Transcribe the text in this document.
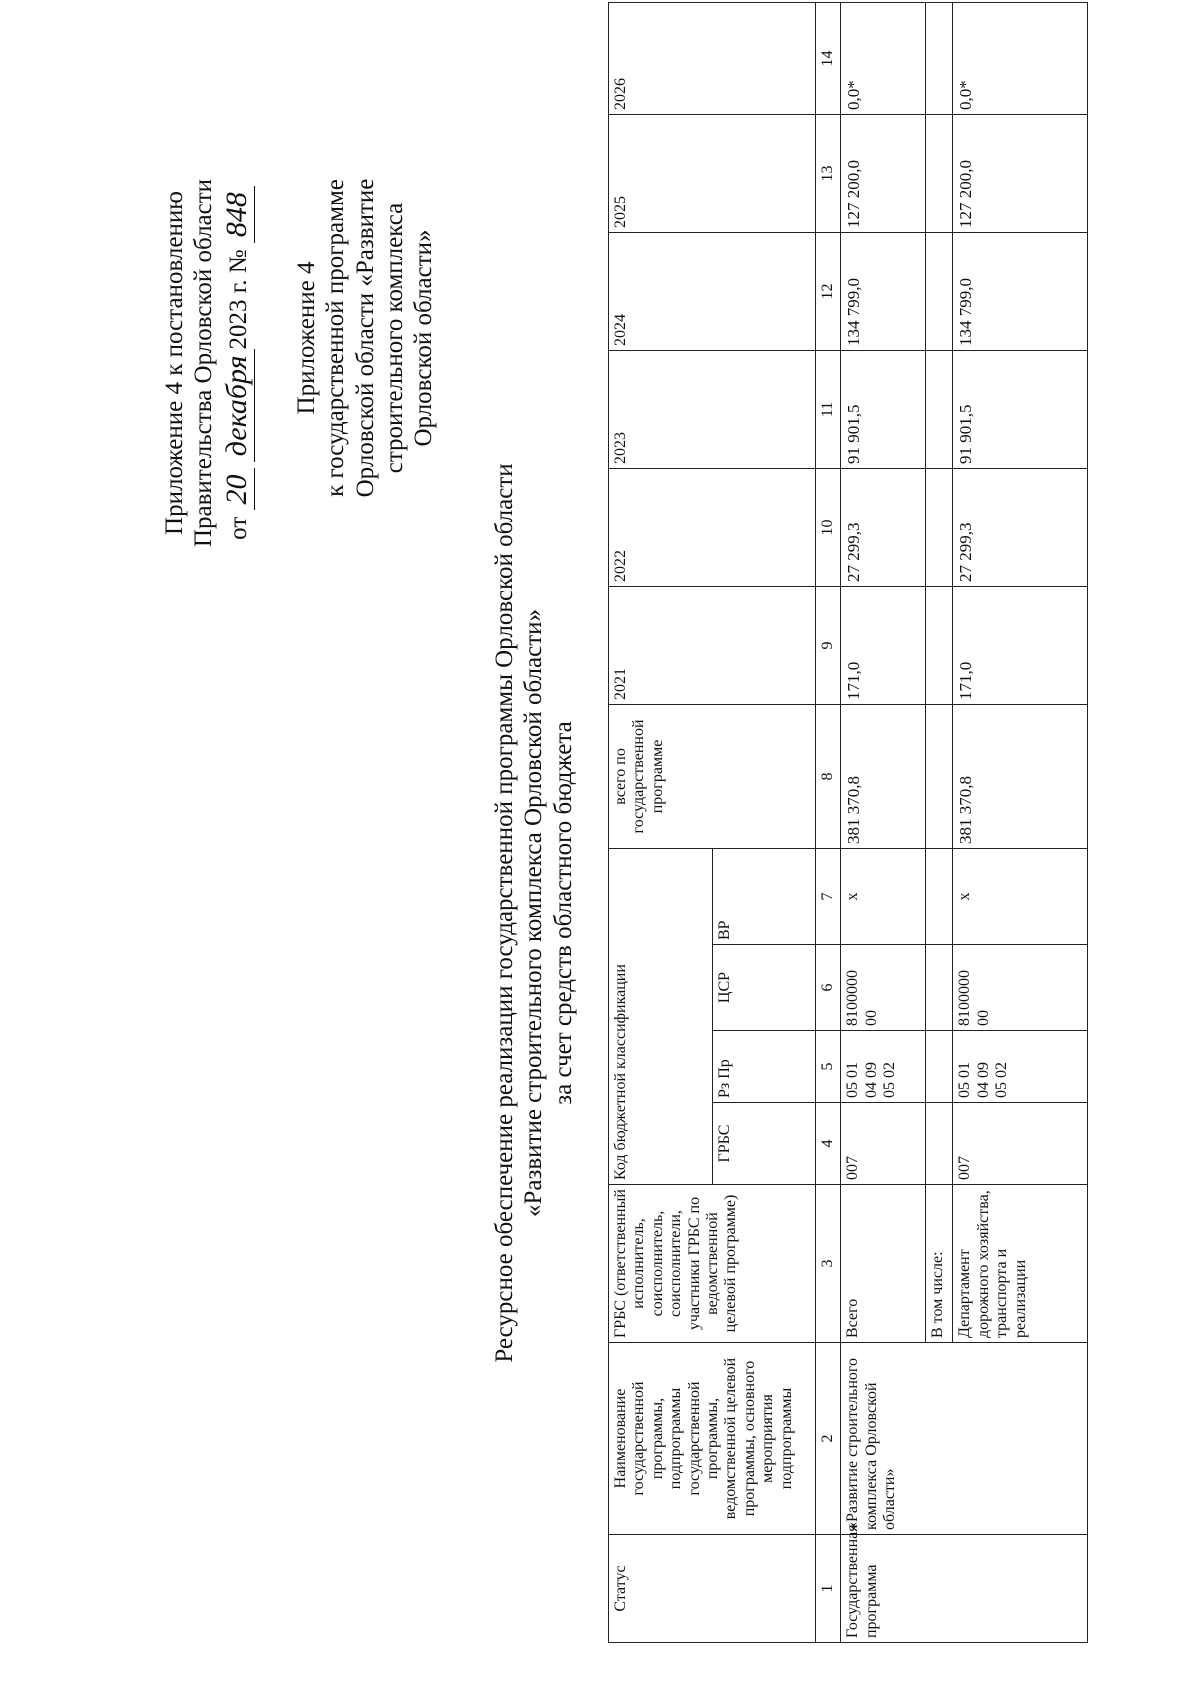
Приложение 4 к постановлению Правительства Орловской области от 20 декабря2023 г. № 848
Приложение 4 к государственной программе Орловской области «Развитие строительного комплекса Орловской области»
Ресурсное обеспечение реализации государственной программы Орловской области «Развитие строительного комплекса Орловской области» за счет средств областного бюджета
Статус	Наименование государственной программы, подпрограммы государственной программы, ведомственной целевой программы, основного мероприятия подпрограммы	ГРБС (ответственный исполнитель, соисполнитель, соисполнители, участники ГРБС по ведомственной целевой программе)	Код бюджетной классификации				всего по государственной программе	2021	2022	2023	2024	2025	2026
			ГРБС	Рз Пр	ЦСР	ВР							
1	2	3	4	5	6	7	8	9	10	11	12	13	14
Государственная программа	«Развитие строительного комплекса Орловской области»	Всего	007	05 01 04 09 05 02	8100000 00	х	381 370,8	171,0	27 299,3	91 901,5	134 799,0	127 200,0	0,0*
		В том числе:											
		Департамент дорожного хозяйства, транспорта и реализации	007	05 01 04 09 05 02	8100000 00	х	381 370,8	171,0	27 299,3	91 901,5	134 799,0	127 200,0	0,0*
